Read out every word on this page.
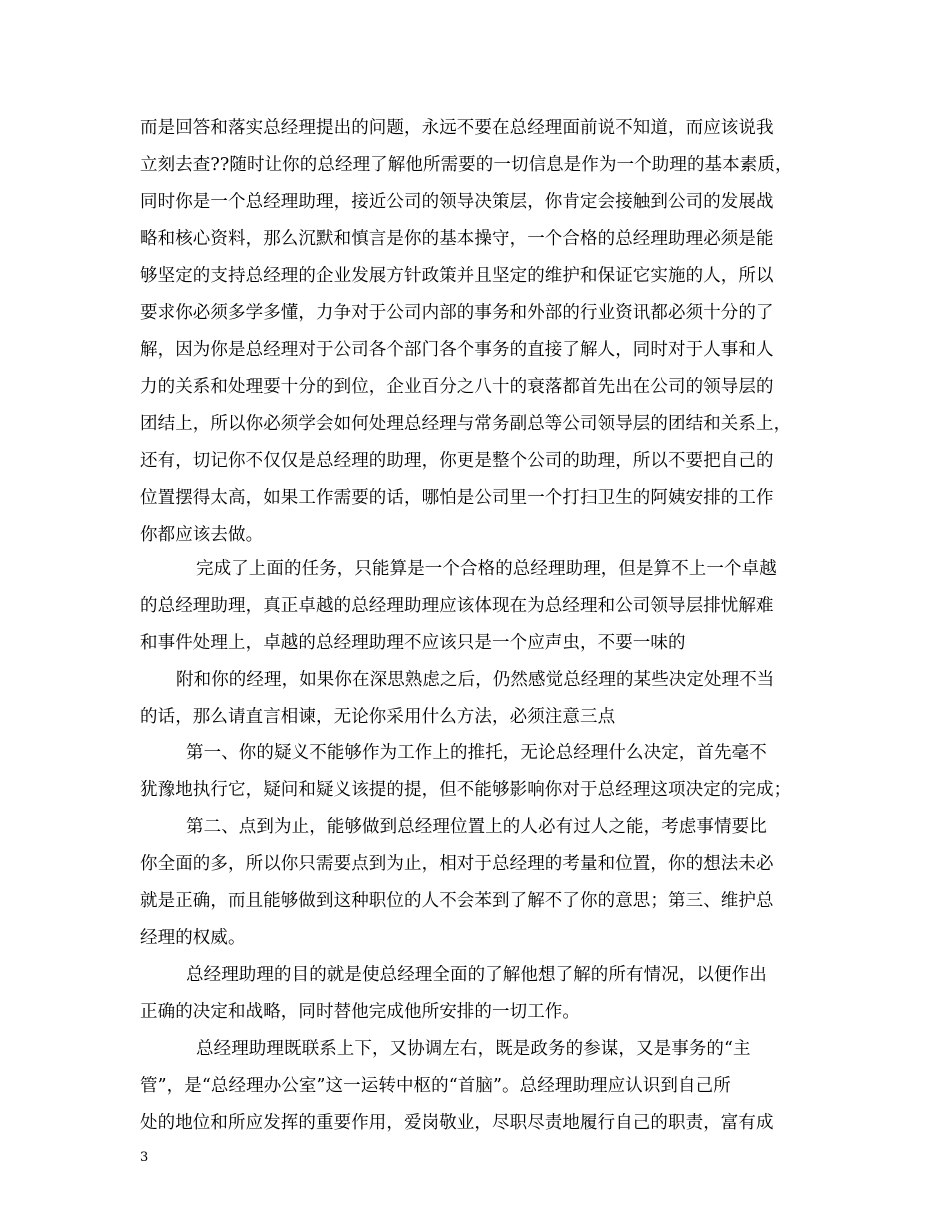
而是回答和落实总经理提出的问题，永远不要在总经理面前说不知道，而应该说我
立刻去查??随时让你的总经理了解他所需要的一切信息是作为一个助理的基本素质，
同时你是一个总经理助理，接近公司的领导决策层，你肯定会接触到公司的发展战
略和核心资料，那么沉默和慎言是你的基本操守，一个合格的总经理助理必须是能
够坚定的支持总经理的企业发展方针政策并且坚定的维护和保证它实施的人，所以
要求你必须多学多懂，力争对于公司内部的事务和外部的行业资讯都必须十分的了
解，因为你是总经理对于公司各个部门各个事务的直接了解人，同时对于人事和人
力的关系和处理要十分的到位，企业百分之八十的衰落都首先出在公司的领导层的
团结上，所以你必须学会如何处理总经理与常务副总等公司领导层的团结和关系上，
还有，切记你不仅仅是总经理的助理，你更是整个公司的助理，所以不要把自己的
位置摆得太高，如果工作需要的话，哪怕是公司里一个打扫卫生的阿姨安排的工作
你都应该去做。
完成了上面的任务，只能算是一个合格的总经理助理，但是算不上一个卓越
的总经理助理，真正卓越的总经理助理应该体现在为总经理和公司领导层排忧解难
和事件处理上，卓越的总经理助理不应该只是一个应声虫，不要一味的
附和你的经理，如果你在深思熟虑之后，仍然感觉总经理的某些决定处理不当
的话，那么请直言相谏，无论你采用什么方法，必须注意三点
第一、你的疑义不能够作为工作上的推托，无论总经理什么决定，首先毫不
犹豫地执行它，疑问和疑义该提的提，但不能够影响你对于总经理这项决定的完成；
第二、点到为止，能够做到总经理位置上的人必有过人之能，考虑事情要比
你全面的多，所以你只需要点到为止，相对于总经理的考量和位置，你的想法未必
就是正确，而且能够做到这种职位的人不会苯到了解不了你的意思；第三、维护总
经理的权威。
总经理助理的目的就是使总经理全面的了解他想了解的所有情况，以便作出
正确的决定和战略，同时替他完成他所安排的一切工作。
总经理助理既联系上下，又协调左右，既是政务的参谋，又是事务的“主
管”，是“总经理办公室”这一运转中枢的“首脑”。总经理助理应认识到自己所
处的地位和所应发挥的重要作用，爱岗敬业，尽职尽责地履行自己的职责，富有成
3
